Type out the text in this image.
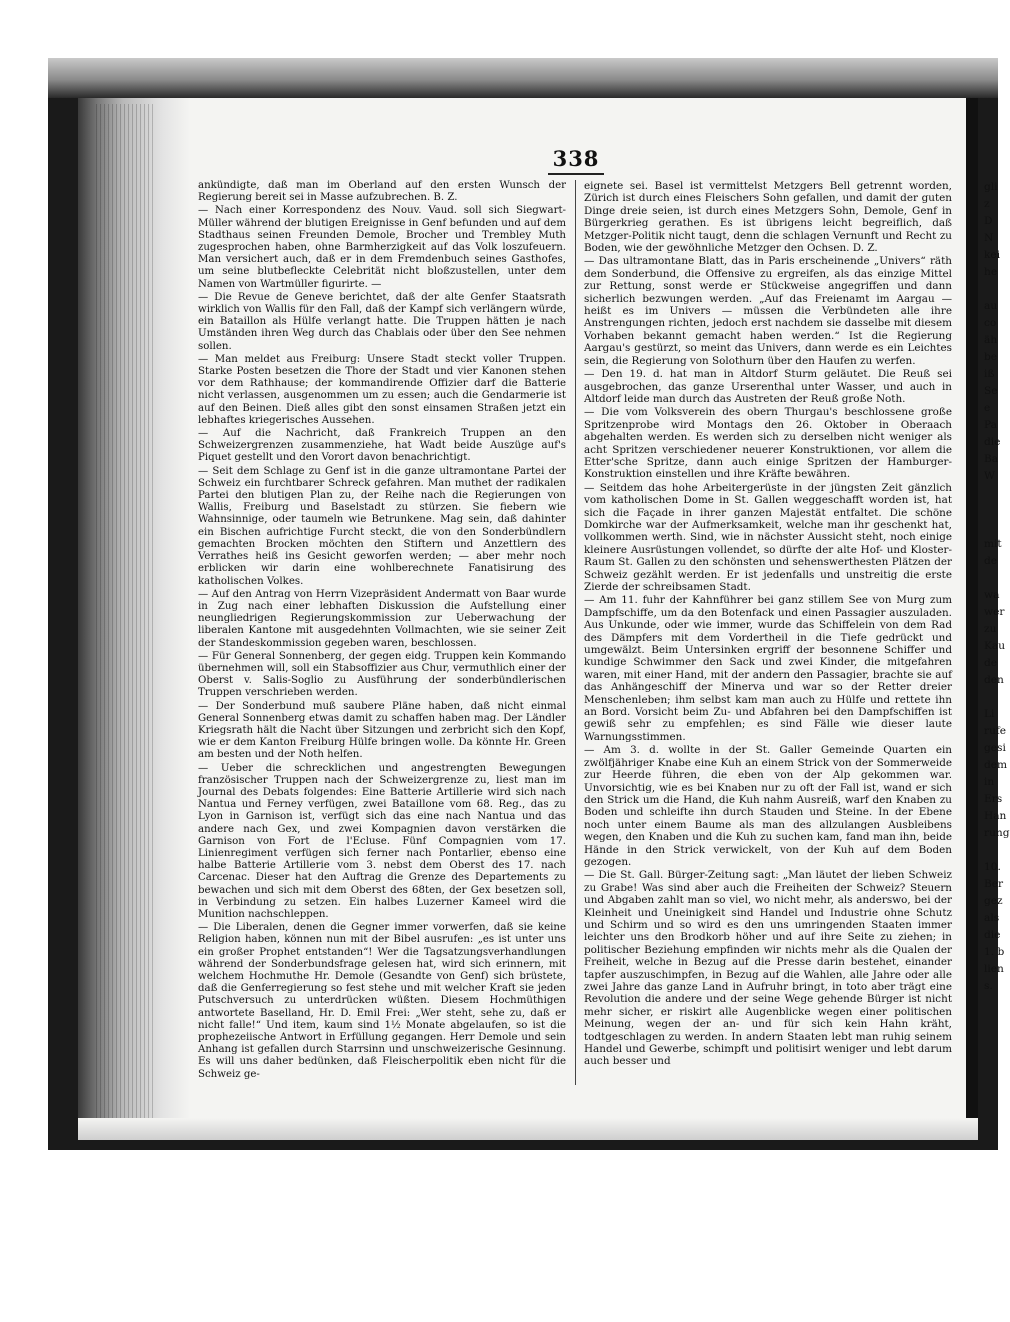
338

ankündigte, daß man im Oberland auf den ersten Wunsch der Regierung bereit sei in Masse aufzubrechen. B. Z.

— Nach einer Korrespondenz des Nouv. Vaud. soll sich Siegwart-Müller während der blutigen Ereignisse in Genf befunden und auf dem Stadthaus seinen Freunden Demole, Brocher und Trembley Muth zugesprochen haben, ohne Barmherzigkeit auf das Volk loszufeuern. Man versichert auch, daß er in dem Fremdenbuch seines Gasthofes, um seine blutbefleckte Celebrität nicht bloßzustellen, unter dem Namen von Wartmüller figurirte. —

— Die Revue de Geneve berichtet, daß der alte Genfer Staatsrath wirklich von Wallis für den Fall, daß der Kampf sich verlängern würde, ein Bataillon als Hülfe verlangt hatte. Die Truppen hätten je nach Umständen ihren Weg durch das Chablais oder über den See nehmen sollen.

— Man meldet aus Freiburg: Unsere Stadt steckt voller Truppen. Starke Posten besetzen die Thore der Stadt und vier Kanonen stehen vor dem Rathhause; der kommandirende Offizier darf die Batterie nicht verlassen, ausgenommen um zu essen; auch die Gendarmerie ist auf den Beinen. Dieß alles gibt den sonst einsamen Straßen jetzt ein lebhaftes kriegerisches Aussehen.

— Auf die Nachricht, daß Frankreich Truppen an den Schweizergrenzen zusammenziehe, hat Wadt beide Auszüge auf's Piquet gestellt und den Vorort davon benachrichtigt.

— Seit dem Schlage zu Genf ist in die ganze ultramontane Partei der Schweiz ein furchtbarer Schreck gefahren. Man muthet der radikalen Partei den blutigen Plan zu, der Reihe nach die Regierungen von Wallis, Freiburg und Baselstadt zu stürzen. Sie fiebern wie Wahnsinnige, oder taumeln wie Betrunkene. Mag sein, daß dahinter ein Bischen aufrichtige Furcht steckt, die von den Sonderbündlern gemachten Brocken möchten den Stiftern und Anzettlern des Verrathes heiß ins Gesicht geworfen werden; — aber mehr noch erblicken wir darin eine wohlberechnete Fanatisirung des katholischen Volkes.

— Auf den Antrag von Herrn Vizepräsident Andermatt von Baar wurde in Zug nach einer lebhaften Diskussion die Aufstellung einer neungliedrigen Regierungskommission zur Ueberwachung der liberalen Kantone mit ausgedehnten Vollmachten, wie sie seiner Zeit der Standeskommission gegeben waren, beschlossen.

— Für General Sonnenberg, der gegen eidg. Truppen kein Kommando übernehmen will, soll ein Stabsoffizier aus Chur, vermuthlich einer der Oberst v. Salis-Soglio zu Ausführung der sonderbündlerischen Truppen verschrieben werden.

— Der Sonderbund muß saubere Pläne haben, daß nicht einmal General Sonnenberg etwas damit zu schaffen haben mag. Der Ländler Kriegsrath hält die Nacht über Sitzungen und zerbricht sich den Kopf, wie er dem Kanton Freiburg Hülfe bringen wolle. Da könnte Hr. Green am besten und der Noth helfen.

— Ueber die schrecklichen und angestrengten Bewegungen französischer Truppen nach der Schweizergrenze zu, liest man im Journal des Debats folgendes: Eine Batterie Artillerie wird sich nach Nantua und Ferney verfügen, zwei Bataillone vom 68. Reg., das zu Lyon in Garnison ist, verfügt sich das eine nach Nantua und das andere nach Gex, und zwei Kompagnien davon verstärken die Garnison von Fort de l'Ecluse. Fünf Compagnien vom 17. Linienregiment verfügen sich ferner nach Pontarlier, ebenso eine halbe Batterie Artillerie vom 3. nebst dem Oberst des 17. nach Carcenac. Dieser hat den Auftrag die Grenze des Departements zu bewachen und sich mit dem Oberst des 68ten, der Gex besetzen soll, in Verbindung zu setzen. Ein halbes Luzerner Kameel wird die Munition nachschleppen.

— Die Liberalen, denen die Gegner immer vorwerfen, daß sie keine Religion haben, können nun mit der Bibel ausrufen: „es ist unter uns ein großer Prophet entstanden“! Wer die Tagsatzungsverhandlungen während der Sonderbundsfrage gelesen hat, wird sich erinnern, mit welchem Hochmuthe Hr. Demole (Gesandte von Genf) sich brüstete, daß die Genferregierung so fest stehe und mit welcher Kraft sie jeden Putschversuch zu unterdrücken wüßten. Diesem Hochmüthigen antwortete Baselland, Hr. D. Emil Frei: „Wer steht, sehe zu, daß er nicht falle!“ Und item, kaum sind 1½ Monate abgelaufen, so ist die prophezeiische Antwort in Erfüllung gegangen. Herr Demole und sein Anhang ist gefallen durch Starrsinn und unschweizerische Gesinnung. Es will uns daher bedünken, daß Fleischerpolitik eben nicht für die Schweiz ge-

eignete sei. Basel ist vermittelst Metzgers Bell getrennt worden, Zürich ist durch eines Fleischers Sohn gefallen, und damit der guten Dinge dreie seien, ist durch eines Metzgers Sohn, Demole, Genf in Bürgerkrieg gerathen. Es ist übrigens leicht begreiflich, daß Metzger-Politik nicht taugt, denn die schlagen Vernunft und Recht zu Boden, wie der gewöhnliche Metzger den Ochsen. D. Z.

— Das ultramontane Blatt, das in Paris erscheinende „Univers“ räth dem Sonderbund, die Offensive zu ergreifen, als das einzige Mittel zur Rettung, sonst werde er Stückweise angegriffen und dann sicherlich bezwungen werden. „Auf das Freienamt im Aargau — heißt es im Univers — müssen die Verbündeten alle ihre Anstrengungen richten, jedoch erst nachdem sie dasselbe mit diesem Vorhaben bekannt gemacht haben werden.“ Ist die Regierung Aargau's gestürzt, so meint das Univers, dann werde es ein Leichtes sein, die Regierung von Solothurn über den Haufen zu werfen.

— Den 19. d. hat man in Altdorf Sturm geläutet. Die Reuß sei ausgebrochen, das ganze Urserenthal unter Wasser, und auch in Altdorf leide man durch das Austreten der Reuß große Noth.

— Die vom Volksverein des obern Thurgau's beschlossene große Spritzenprobe wird Montags den 26. Oktober in Oberaach abgehalten werden. Es werden sich zu derselben nicht weniger als acht Spritzen verschiedener neuerer Konstruktionen, vor allem die Etter'sche Spritze, dann auch einige Spritzen der Hamburger-Konstruktion einstellen und ihre Kräfte bewähren.

— Seitdem das hohe Arbeitergerüste in der jüngsten Zeit gänzlich vom katholischen Dome in St. Gallen weggeschafft worden ist, hat sich die Façade in ihrer ganzen Majestät entfaltet. Die schöne Domkirche war der Aufmerksamkeit, welche man ihr geschenkt hat, vollkommen werth. Sind, wie in nächster Aussicht steht, noch einige kleinere Ausrüstungen vollendet, so dürfte der alte Hof- und Kloster-Raum St. Gallen zu den schönsten und sehenswerthesten Plätzen der Schweiz gezählt werden. Er ist jedenfalls und unstreitig die erste Zierde der schreibsamen Stadt.

— Am 11. fuhr der Kahnführer bei ganz stillem See von Murg zum Dampfschiffe, um da den Botenfack und einen Passagier auszuladen. Aus Unkunde, oder wie immer, wurde das Schiffelein von dem Rad des Dämpfers mit dem Vordertheil in die Tiefe gedrückt und umgewälzt. Beim Untersinken ergriff der besonnene Schiffer und kundige Schwimmer den Sack und zwei Kinder, die mitgefahren waren, mit einer Hand, mit der andern den Passagier, brachte sie auf das Anhängeschiff der Minerva und war so der Retter dreier Menschenleben; ihm selbst kam man auch zu Hülfe und rettete ihn an Bord. Vorsicht beim Zu- und Abfahren bei den Dampfschiffen ist gewiß sehr zu empfehlen; es sind Fälle wie dieser laute Warnungsstimmen.

— Am 3. d. wollte in der St. Galler Gemeinde Quarten ein zwölfjähriger Knabe eine Kuh an einem Strick von der Sommerweide zur Heerde führen, die eben von der Alp gekommen war. Unvorsichtig, wie es bei Knaben nur zu oft der Fall ist, wand er sich den Strick um die Hand, die Kuh nahm Ausreiß, warf den Knaben zu Boden und schleifte ihn durch Stauden und Steine. In der Ebene noch unter einem Baume als man des allzulangen Ausbleibens wegen, den Knaben und die Kuh zu suchen kam, fand man ihn, beide Hände in den Strick verwickelt, von der Kuh auf dem Boden gezogen.

— Die St. Gall. Bürger-Zeitung sagt: „Man läutet der lieben Schweiz zu Grabe! Was sind aber auch die Freiheiten der Schweiz? Steuern und Abgaben zahlt man so viel, wo nicht mehr, als anderswo, bei der Kleinheit und Uneinigkeit sind Handel und Industrie ohne Schutz und Schirm und so wird es den uns umringenden Staaten immer leichter uns den Brodkorb höher und auf ihre Seite zu ziehen; in politischer Beziehung empfinden wir nichts mehr als die Qualen der Freiheit, welche in Bezug auf die Presse darin bestehet, einander tapfer auszuschimpfen, in Bezug auf die Wahlen, alle Jahre oder alle zwei Jahre das ganze Land in Aufruhr bringt, in toto aber trägt eine Revolution die andere und der seine Wege gehende Bürger ist nicht mehr sicher, er riskirt alle Augenblicke wegen einer politischen Meinung, wegen der an- und für sich kein Hahn kräht, todtgeschlagen zu werden. In andern Staaten lebt man ruhig seinem Handel und Gewerbe, schimpft und politisirt weniger und lebt darum auch besser und

gli
z
D
N
kei
he
au
co
äh
be
iß
Se
e
Pa
die
Ba
W
mit
de
wa
wer
zu
Kau
de
den
Li
rufe
gesi
dem
in
Ers
Han
rung
10.
Ber
gez
als
die
1. b
lien
s.
